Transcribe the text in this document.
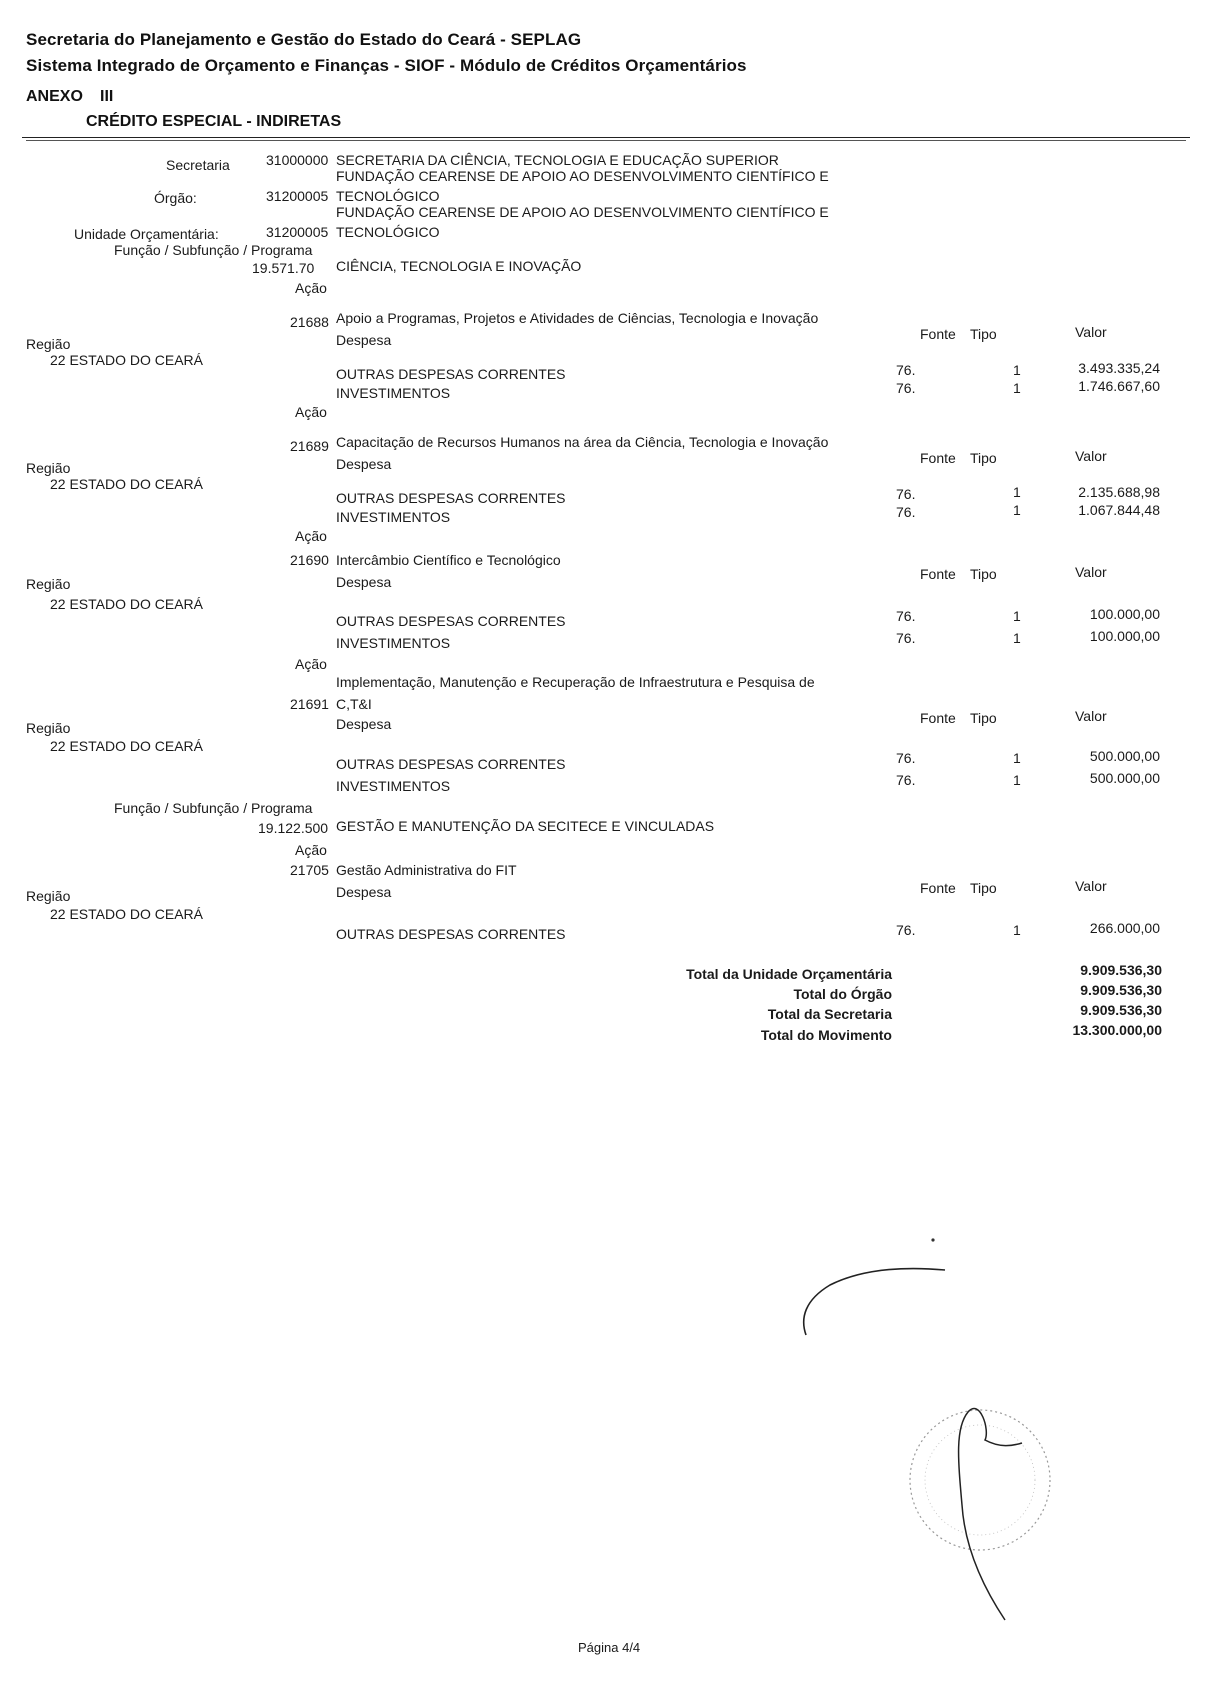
Secretaria do Planejamento e Gestão do Estado do Ceará - SEPLAG
Sistema Integrado de Orçamento e Finanças - SIOF - Módulo de Créditos Orçamentários
ANEXO III
CRÉDITO ESPECIAL - INDIRETAS
Secretaria	31000000 SECRETARIA DA CIÊNCIA, TECNOLOGIA E EDUCAÇÃO SUPERIOR
FUNDAÇÃO CEARENSE DE APOIO AO DESENVOLVIMENTO CIENTÍFICO E
Órgão:	31200005 TECNOLÓGICO
FUNDAÇÃO CEARENSE DE APOIO AO DESENVOLVIMENTO CIENTÍFICO E
Unidade Orçamentária:	31200005 TECNOLÓGICO
Função / Subfunção / Programa
19.571.70 CIÊNCIA, TECNOLOGIA E INOVAÇÃO
Ação
21688 Apoio a Programas, Projetos e Atividades de Ciências, Tecnologia e Inovação
Região	Despesa	Fonte Tipo	Valor
22 ESTADO DO CEARÁ
OUTRAS DESPESAS CORRENTES	76.	1	3.493.335,24
INVESTIMENTOS	76.	1	1.746.667,60
Ação
21689 Capacitação de Recursos Humanos na área da Ciência, Tecnologia e Inovação
Região	Despesa	Fonte Tipo	Valor
22 ESTADO DO CEARÁ
OUTRAS DESPESAS CORRENTES	76.	1	2.135.688,98
INVESTIMENTOS	76.	1	1.067.844,48
Ação
21690 Intercâmbio Científico e Tecnológico
Região	Despesa	Fonte Tipo	Valor
22 ESTADO DO CEARÁ
OUTRAS DESPESAS CORRENTES	76.	1	100.000,00
INVESTIMENTOS	76.	1	100.000,00
Ação
Implementação, Manutenção e Recuperação de Infraestrutura e Pesquisa de
21691 C,T&I
Região	Despesa	Fonte Tipo	Valor
22 ESTADO DO CEARÁ
OUTRAS DESPESAS CORRENTES	76.	1	500.000,00
INVESTIMENTOS	76.	1	500.000,00
Função / Subfunção / Programa
19.122.500 GESTÃO E MANUTENÇÃO DA SECITECE E VINCULADAS
Ação
21705 Gestão Administrativa do FIT
Região	Despesa	Fonte Tipo	Valor
22 ESTADO DO CEARÁ
OUTRAS DESPESAS CORRENTES	76.	1	266.000,00
Total da Unidade Orçamentária	9.909.536,30
Total do Órgão	9.909.536,30
Total da Secretaria	9.909.536,30
Total do Movimento	13.300.000,00
Página 4/4
